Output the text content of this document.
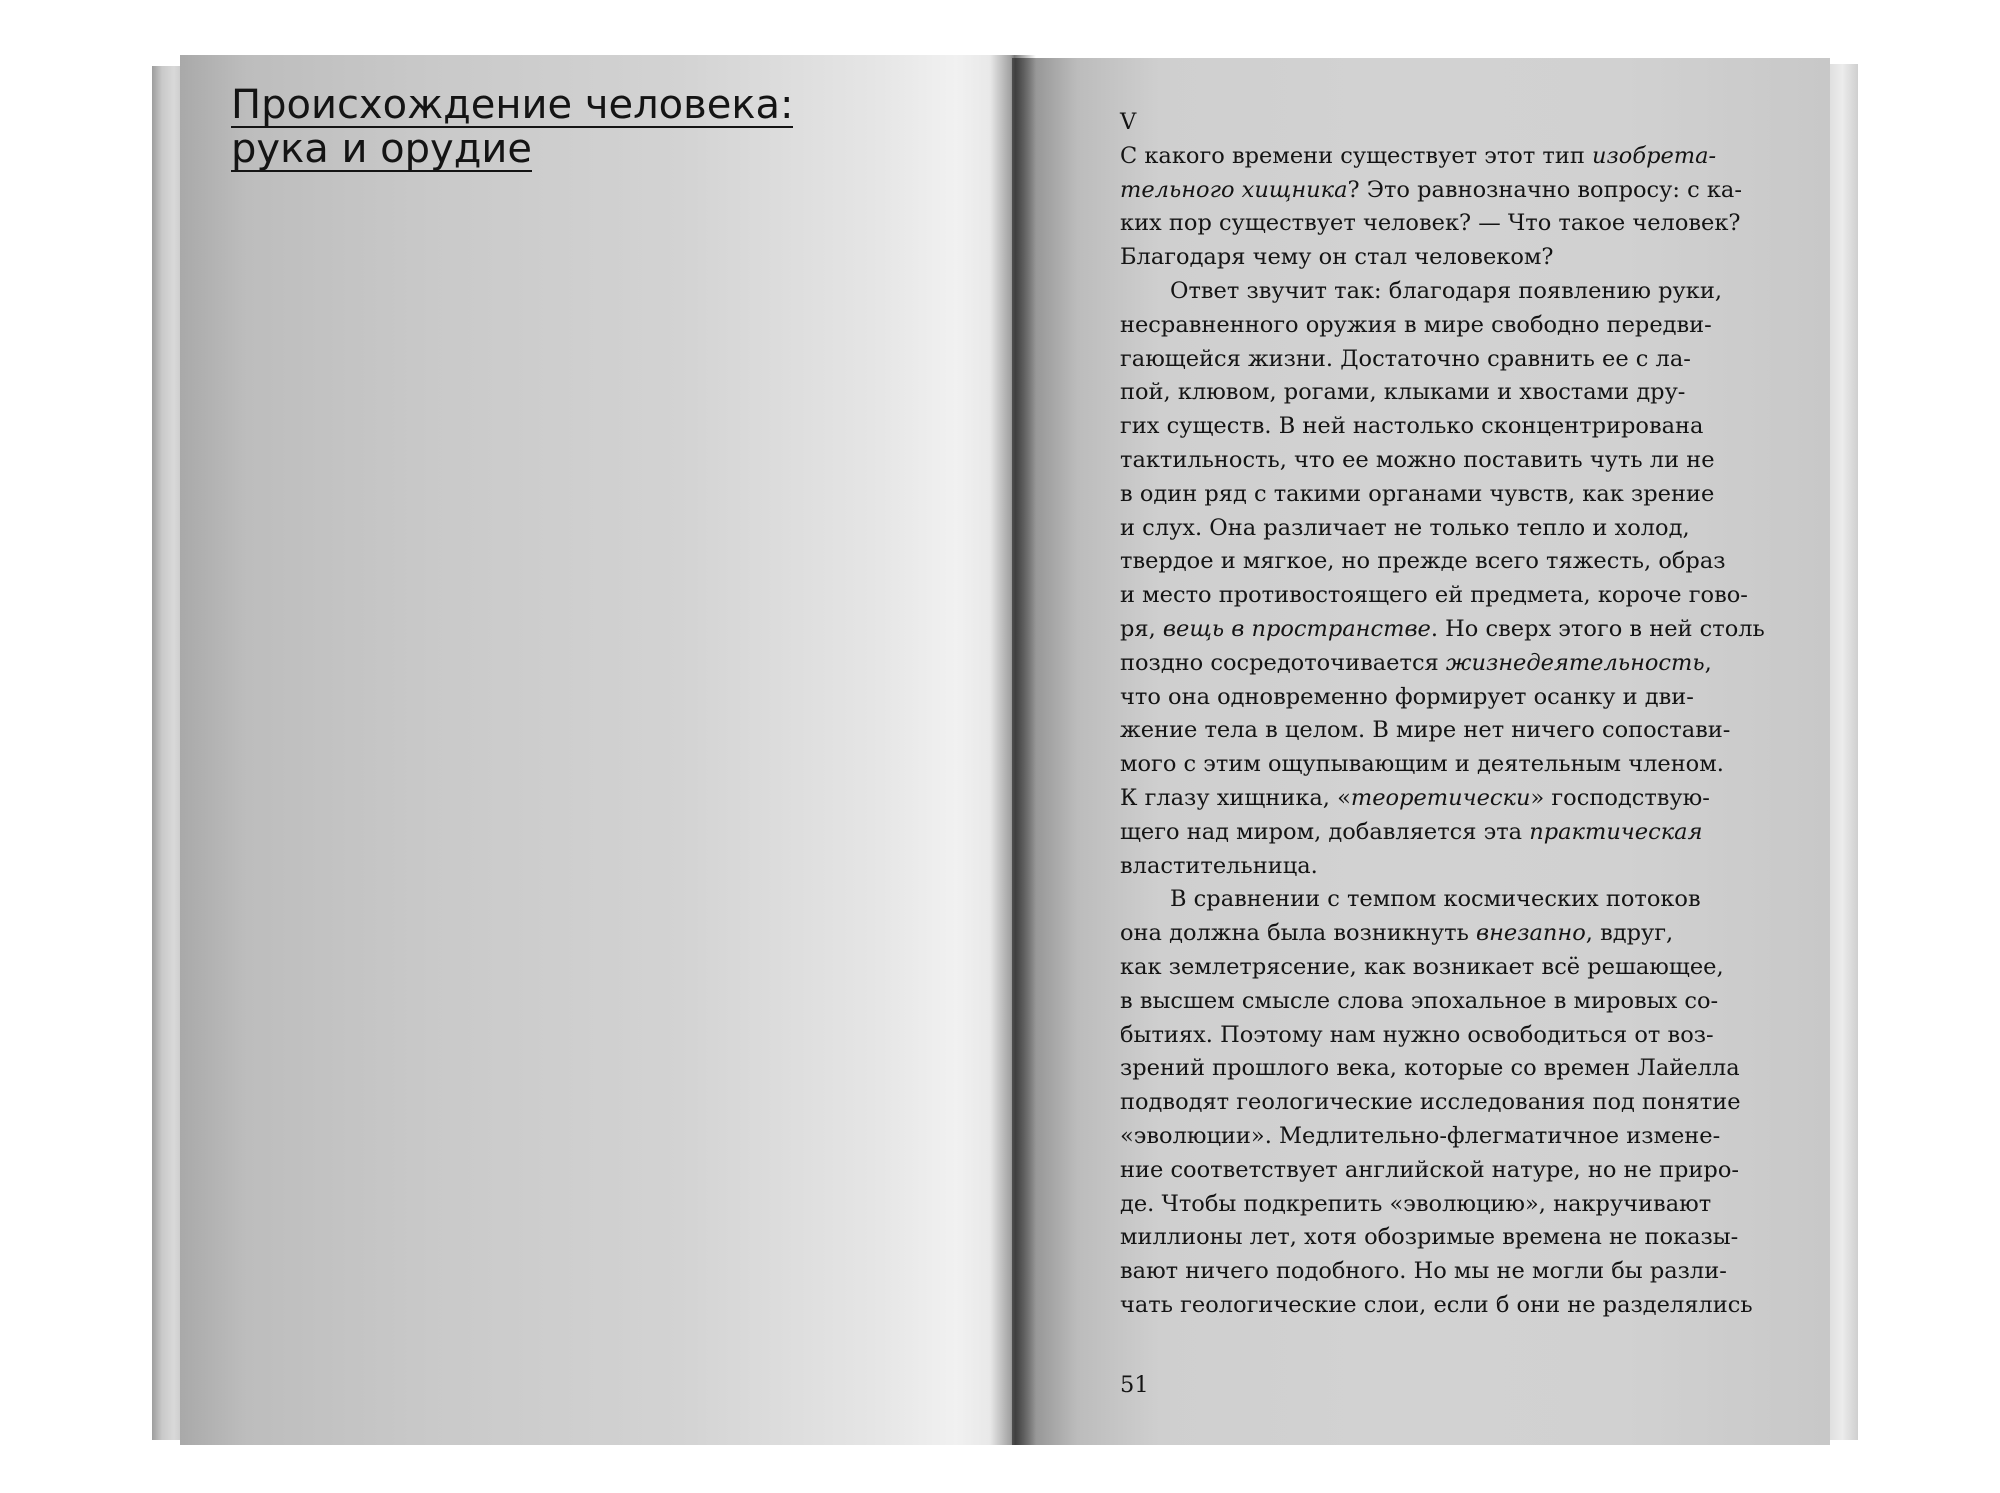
Происхождение человека:
рука и орудие
V
С какого времени существует этот тип изобрета-
тельного хищника? Это равнозначно вопросу: с ка-
ких пор существует человек? — Что такое человек?
Благодаря чему он стал человеком?
Ответ звучит так: благодаря появлению руки,
несравненного оружия в мире свободно передви-
гающейся жизни. Достаточно сравнить ее с ла-
пой, клювом, рогами, клыками и хвостами дру-
гих существ. В ней настолько сконцентрирована
тактильность, что ее можно поставить чуть ли не
в один ряд с такими органами чувств, как зрение
и слух. Она различает не только тепло и холод,
твердое и мягкое, но прежде всего тяжесть, образ
и место противостоящего ей предмета, короче гово-
ря, вещь в пространстве. Но сверх этого в ней столь
поздно сосредоточивается жизнедеятельность,
что она одновременно формирует осанку и дви-
жение тела в целом. В мире нет ничего сопостави-
мого с этим ощупывающим и деятельным членом.
К глазу хищника, «теоретически» господствую-
щего над миром, добавляется эта практическая
властительница.
В сравнении с темпом космических потоков
она должна была возникнуть внезапно, вдруг,
как землетрясение, как возникает всё решающее,
в высшем смысле слова эпохальное в мировых со-
бытиях. Поэтому нам нужно освободиться от воз-
зрений прошлого века, которые со времен Лайелла
подводят геологические исследования под понятие
«эволюции». Медлительно-флегматичное измене-
ние соответствует английской натуре, но не приро-
де. Чтобы подкрепить «эволюцию», накручивают
миллионы лет, хотя обозримые времена не показы-
вают ничего подобного. Но мы не могли бы разли-
чать геологические слои, если б они не разделялись
51
